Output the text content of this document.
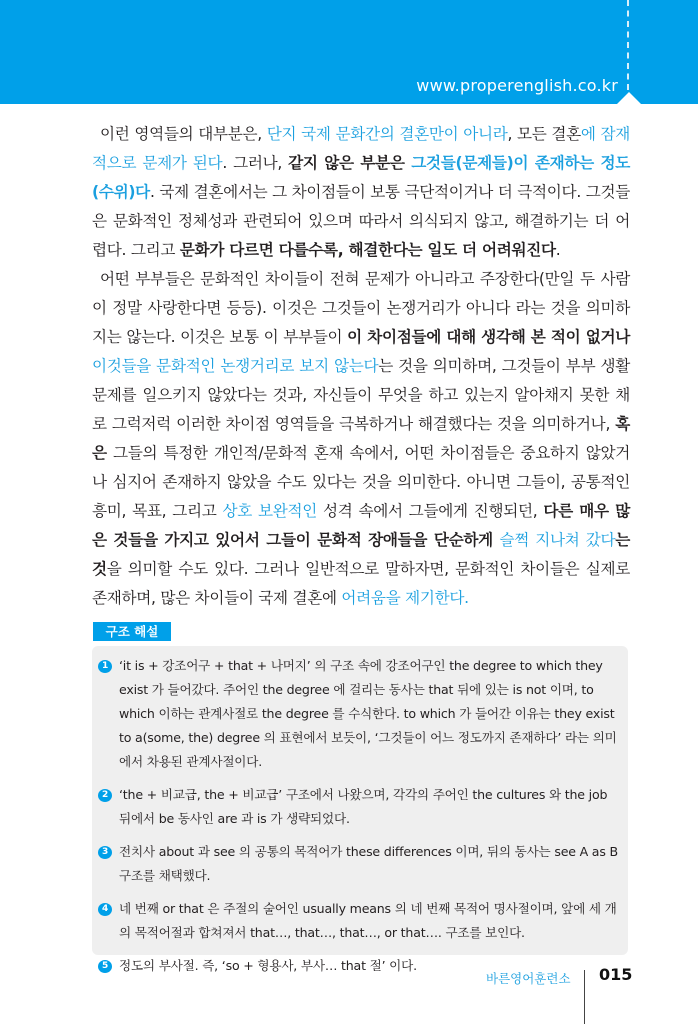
www.properenglish.co.kr

이런 영역들의 대부분은, 단지 국제 문화간의 결혼만이 아니라, 모든 결혼에 잠재적으로 문제가 된다. 그러나, 같지 않은 부분은 그것들(문제들)이 존재하는 정도(수위)다. 국제 결혼에서는 그 차이점들이 보통 극단적이거나 더 극적이다. 그것들은 문화적인 정체성과 관련되어 있으며 따라서 의식되지 않고, 해결하기는 더 어렵다. 그리고 문화가 다르면 다를수록, 해결한다는 일도 더 어려워진다.

어떤 부부들은 문화적인 차이들이 전혀 문제가 아니라고 주장한다(만일 두 사람이 정말 사랑한다면 등등). 이것은 그것들이 논쟁거리가 아니다 라는 것을 의미하지는 않는다. 이것은 보통 이 부부들이 이 차이점들에 대해 생각해 본 적이 없거나 이것들을 문화적인 논쟁거리로 보지 않는다는 것을 의미하며, 그것들이 부부 생활 문제를 일으키지 않았다는 것과, 자신들이 무엇을 하고 있는지 알아채지 못한 채로 그럭저럭 이러한 차이점 영역들을 극복하거나 해결했다는 것을 의미하거나, 혹은 그들의 특정한 개인적/문화적 혼재 속에서, 어떤 차이점들은 중요하지 않았거나 심지어 존재하지 않았을 수도 있다는 것을 의미한다. 아니면 그들이, 공통적인 흥미, 목표, 그리고 상호 보완적인 성격 속에서 그들에게 진행되던, 다른 매우 많은 것들을 가지고 있어서 그들이 문화적 장애들을 단순하게 슬쩍 지나쳐 갔다는 것을 의미할 수도 있다. 그러나 일반적으로 말하자면, 문화적인 차이들은 실제로 존재하며, 많은 차이들이 국제 결혼에 어려움을 제기한다.

구조 해설
1 ‘it is + 강조어구 + that + 나머지’ 의 구조 속에 강조어구인 the degree to which they exist 가 들어갔다. 주어인 the degree 에 걸리는 동사는 that 뒤에 있는 is not 이며, to which 이하는 관계사절로 the degree 를 수식한다. to which 가 들어간 이유는 they exist to a(some, the) degree 의 표현에서 보듯이, ‘그것들이 어느 정도까지 존재하다’ 라는 의미에서 차용된 관계사절이다.
2 ‘the + 비교급, the + 비교급’ 구조에서 나왔으며, 각각의 주어인 the cultures 와 the job 뒤에서 be 동사인 are 과 is 가 생략되었다.
3 전치사 about 과 see 의 공통의 목적어가 these differences 이며, 뒤의 동사는 see A as B 구조를 채택했다.
4 네 번째 or that 은 주절의 술어인 usually means 의 네 번째 목적어 명사절이며, 앞에 세 개의 목적어절과 합쳐져서 that…, that…, that…, or that…. 구조를 보인다.
5 정도의 부사절. 즉, ‘so + 형용사, 부사… that 절’ 이다.
바른영어훈련소 015
